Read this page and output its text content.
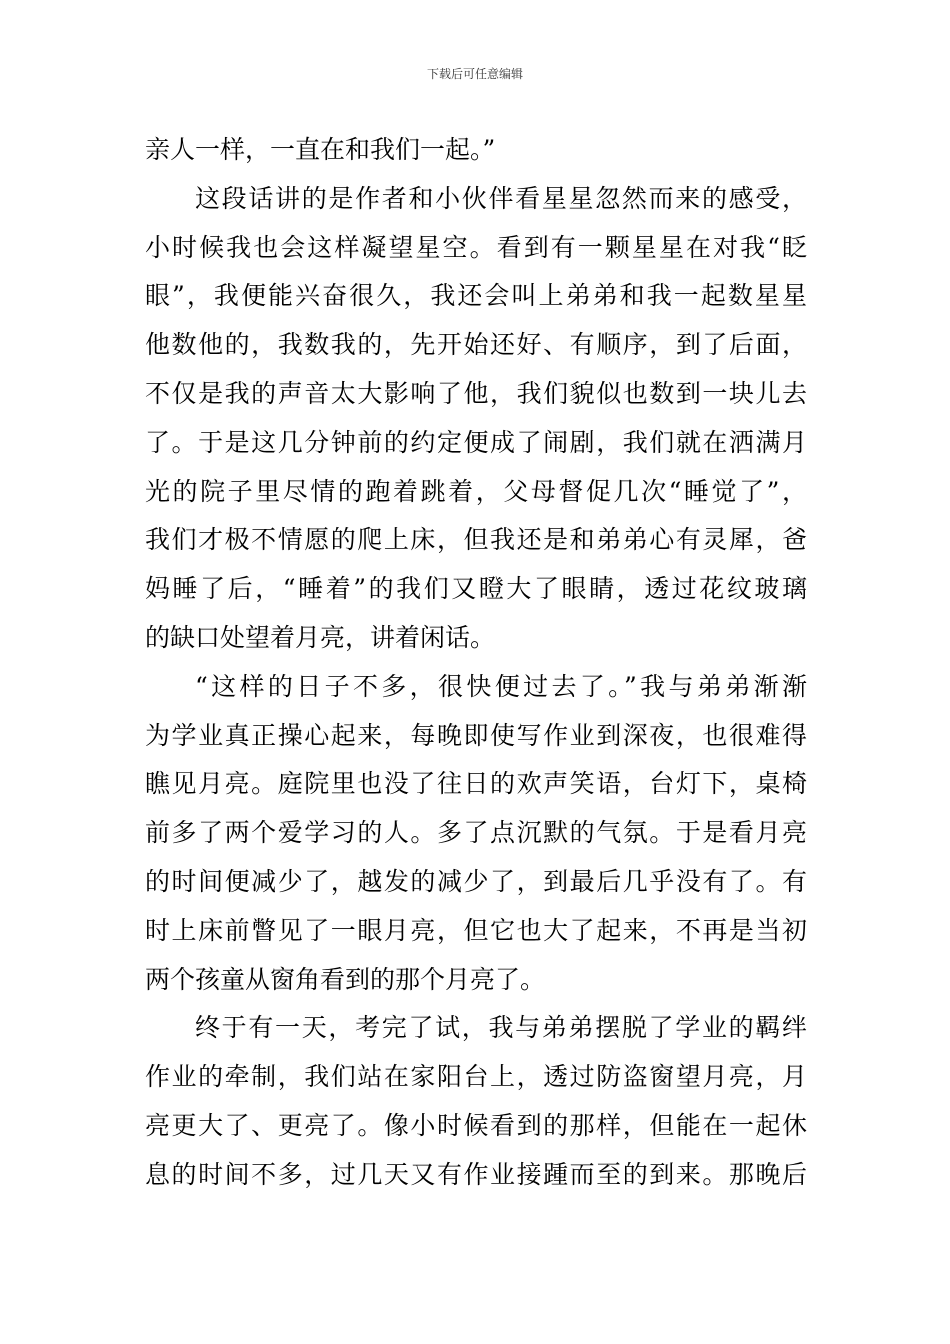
下载后可任意编辑
亲人一样，一直在和我们一起。”
这段话讲的是作者和小伙伴看星星忽然而来的感受，
小时候我也会这样凝望星空。看到有一颗星星在对我“眨
眼”，我便能兴奋很久，我还会叫上弟弟和我一起数星星
他数他的，我数我的，先开始还好、有顺序，到了后面，
不仅是我的声音太大影响了他，我们貌似也数到一块儿去
了。于是这几分钟前的约定便成了闹剧，我们就在洒满月
光的院子里尽情的跑着跳着，父母督促几次“睡觉了”，
我们才极不情愿的爬上床，但我还是和弟弟心有灵犀，爸
妈睡了后，“睡着”的我们又瞪大了眼睛，透过花纹玻璃
的缺口处望着月亮，讲着闲话。
“这样的日子不多，很快便过去了。”我与弟弟渐渐
为学业真正操心起来，每晚即使写作业到深夜，也很难得
瞧见月亮。庭院里也没了往日的欢声笑语，台灯下，桌椅
前多了两个爱学习的人。多了点沉默的气氛。于是看月亮
的时间便减少了，越发的减少了，到最后几乎没有了。有
时上床前瞥见了一眼月亮，但它也大了起来，不再是当初
两个孩童从窗角看到的那个月亮了。
终于有一天，考完了试，我与弟弟摆脱了学业的羁绊
作业的牵制，我们站在家阳台上，透过防盗窗望月亮，月
亮更大了、更亮了。像小时候看到的那样，但能在一起休
息的时间不多，过几天又有作业接踵而至的到来。那晚后
